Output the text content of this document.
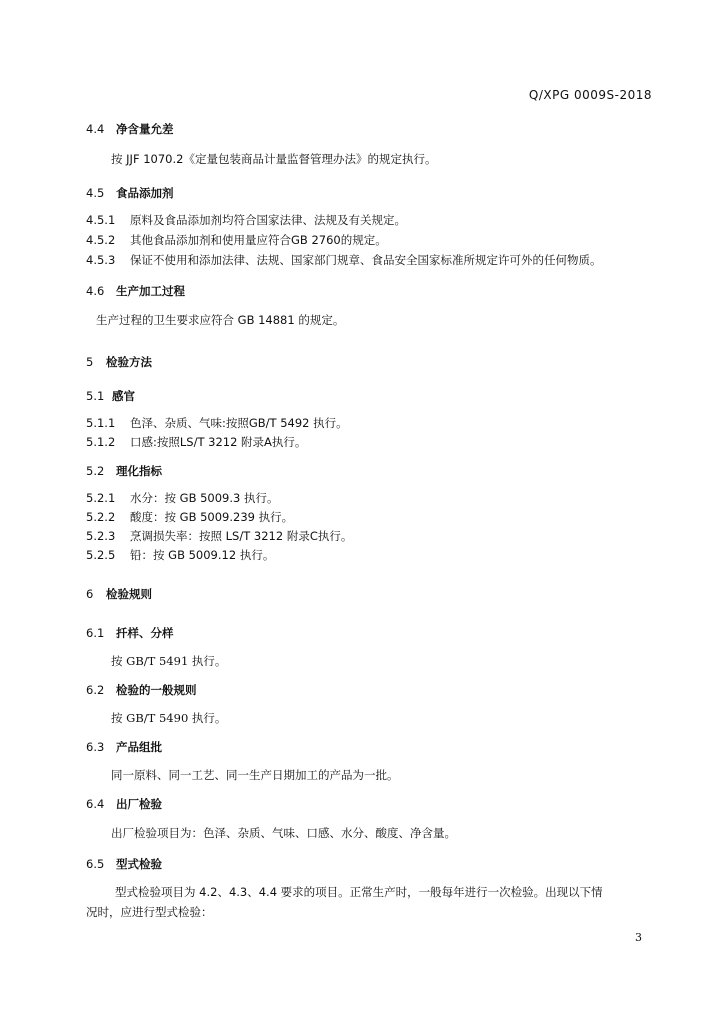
Q/XPG 0009S-2018
4.4 净含量允差
按 JJF 1070.2《定量包装商品计量监督管理办法》的规定执行。
4.5 食品添加剂
4.5.1 原料及食品添加剂均符合国家法律、法规及有关规定。
4.5.2 其他食品添加剂和使用量应符合GB 2760的规定。
4.5.3 保证不使用和添加法律、法规、国家部门规章、食品安全国家标准所规定许可外的任何物质。
4.6 生产加工过程
生产过程的卫生要求应符合 GB 14881 的规定。
5 检验方法
5.1 感官
5.1.1 色泽、杂质、气味:按照GB/T 5492 执行。
5.1.2 口感:按照LS/T 3212 附录A执行。
5.2 理化指标
5.2.1 水分：按 GB 5009.3 执行。
5.2.2 酸度：按 GB 5009.239 执行。
5.2.3 烹调损失率：按照 LS/T 3212 附录C执行。
5.2.5 铅：按 GB 5009.12 执行。
6 检验规则
6.1 扦样、分样
按 GB/T 5491 执行。
6.2 检验的一般规则
按 GB/T 5490 执行。
6.3 产品组批
同一原料、同一工艺、同一生产日期加工的产品为一批。
6.4 出厂检验
出厂检验项目为：色泽、杂质、气味、口感、水分、酸度、净含量。
6.5 型式检验
型式检验项目为 4.2、4.3、4.4 要求的项目。正常生产时，一般每年进行一次检验。出现以下情
况时，应进行型式检验：
3
